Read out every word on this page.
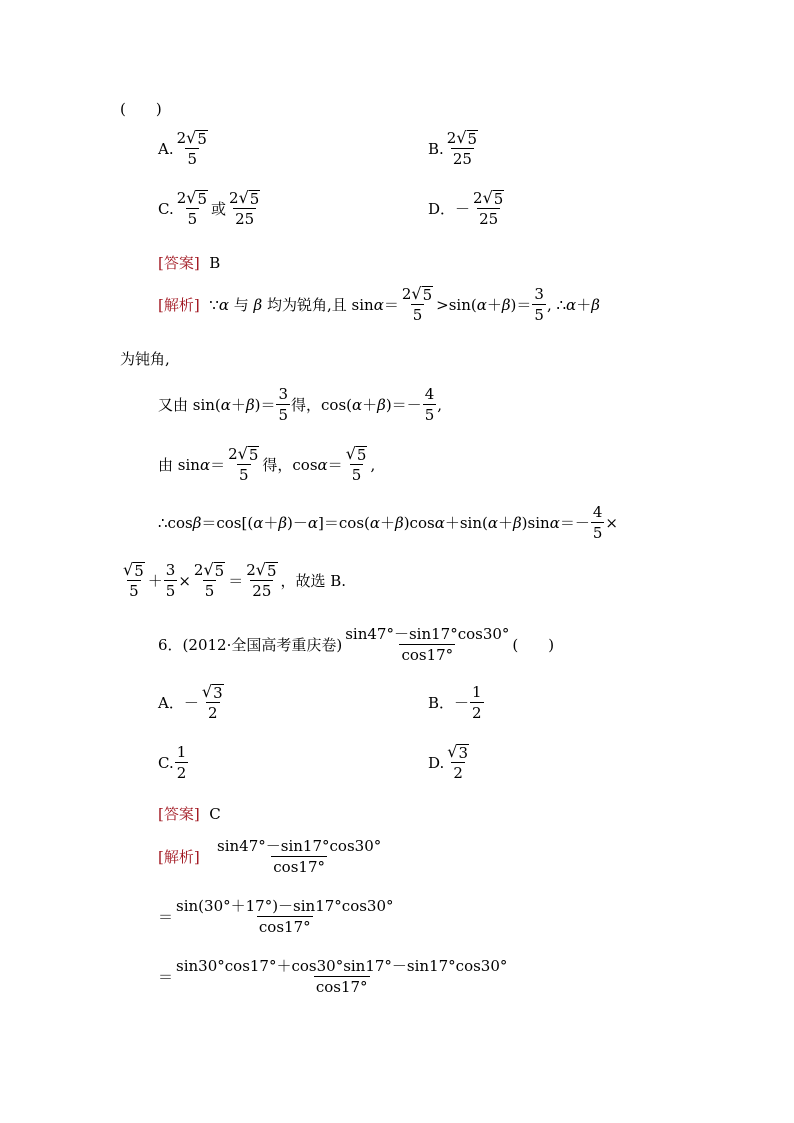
(　　)
A. $\frac{2 √ 5}{5}$	B. $\frac{2 √ 5}{25}$
C. $\frac{2 √ 5}{5}$ 或 $\frac{2 √ 5}{25}$	D． － $\frac{2 √ 5}{25}$
[答案]
B
[解析]
∵ α
与
β
均为锐角,且 $\sin \alpha = \frac{2 √ 5}{5} >\sin$( α ＋ β )＝ $\frac{3}{5}$ , ∴ α ＋ β
为钝角,
又由 sin( α ＋ β )＝ $\frac{3}{5}$ 得，cos( α ＋ β )＝－ $\frac{4}{5}$ ,
由 $\sin \alpha = \frac{2 √ 5}{5}$ 得，$\cos \alpha = \frac{√ 5}{5}$ ,
∴cos β ＝cos[( α ＋ β )－ α ]＝cos( α ＋ β )cos α ＋sin( α ＋ β )sin $\alpha =- \frac{4}{5}$ ×
$\frac{√ 5}{5} + \frac{3}{5} \times \frac{2 √ 5}{5} = \frac{2 √ 5}{25}$ ，故选 B.
6．(2012·全国高考重庆卷) $\frac{\sin 47^\circ-\sin 17^\circ\cos 30^\circ}{\cos 17^\circ}$ (　　)
A． － $\frac{√ 3}{2}$	B． － $\frac{1}{2}$
C. $\frac{1}{2}$	D. $\frac{√ 3}{2}$
[答案]
C
[解析]
$\frac{\sin 47^\circ-\sin 17^\circ\cos 30^\circ}{\cos 17^\circ}$
＝ $\frac{\sin(30^\circ+17^\circ)-\sin 17^\circ\cos 30^\circ}{\cos 17^\circ}$
＝ $\frac{\sin 30^\circ\cos 17^\circ+\cos 30^\circ\sin 17^\circ-\sin 17^\circ\cos 30^\circ}{\cos 17^\circ}$
